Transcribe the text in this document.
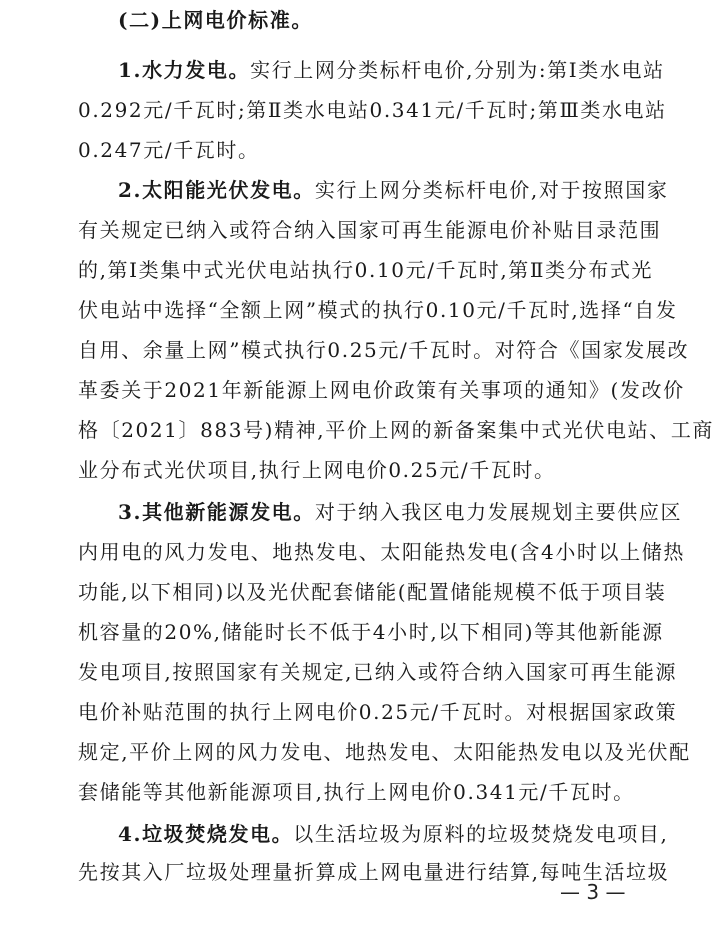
(二)上网电价标准。
1.水力发电。实行上网分类标杆电价,分别为:第Ⅰ类水电站
0.292元/千瓦时;第Ⅱ类水电站0.341元/千瓦时;第Ⅲ类水电站
0.247元/千瓦时。
2.太阳能光伏发电。实行上网分类标杆电价,对于按照国家
有关规定已纳入或符合纳入国家可再生能源电价补贴目录范围
的,第Ⅰ类集中式光伏电站执行0.10元/千瓦时,第Ⅱ类分布式光
伏电站中选择“全额上网”模式的执行0.10元/千瓦时,选择“自发
自用、余量上网”模式执行0.25元/千瓦时。对符合《国家发展改
革委关于2021年新能源上网电价政策有关事项的通知》(发改价
格〔2021〕883号)精神,平价上网的新备案集中式光伏电站、工商
业分布式光伏项目,执行上网电价0.25元/千瓦时。
3.其他新能源发电。对于纳入我区电力发展规划主要供应区
内用电的风力发电、地热发电、太阳能热发电(含4小时以上储热
功能,以下相同)以及光伏配套储能(配置储能规模不低于项目装
机容量的20%,储能时长不低于4小时,以下相同)等其他新能源
发电项目,按照国家有关规定,已纳入或符合纳入国家可再生能源
电价补贴范围的执行上网电价0.25元/千瓦时。对根据国家政策
规定,平价上网的风力发电、地热发电、太阳能热发电以及光伏配
套储能等其他新能源项目,执行上网电价0.341元/千瓦时。
4.垃圾焚烧发电。以生活垃圾为原料的垃圾焚烧发电项目,
先按其入厂垃圾处理量折算成上网电量进行结算,每吨生活垃圾
— 3 —
